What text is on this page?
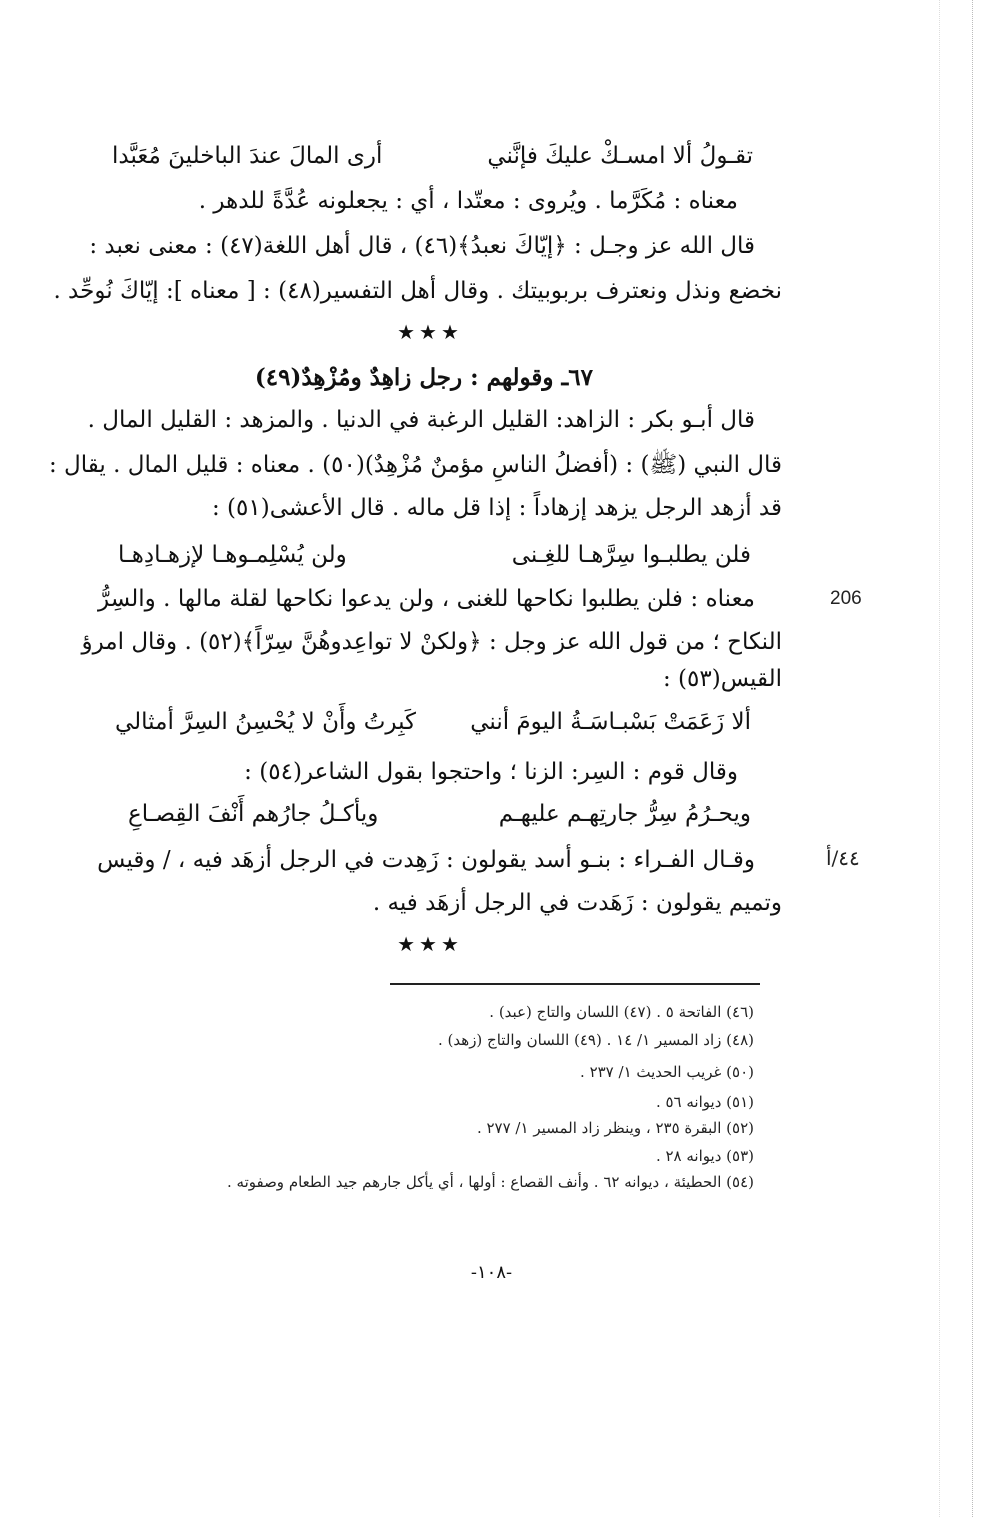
تقـولُ ألا امسـكْ عليكَ فإنَّني
أرى المالَ عندَ الباخلينَ مُعَبَّدا
معناه : مُكَرَّما . ويُروى : معتّدا ، أي : يجعلونه عُدَّةً للدهر .
قال الله عز وجـل : ﴿إيّاكَ نعبدُ﴾(٤٦) ، قال أهل اللغة(٤٧) : معنى نعبد :
نخضع ونذل ونعترف بربوبيتك . وقال أهل التفسير(٤٨) : [ معناه ]: إيّاكَ نُوحِّد .
★★★
٦٧ـ وقولهم : رجل زاهِدٌ ومُزْهِدٌ(٤٩)
قال أبـو بكر : الزاهد: القليل الرغبة في الدنيا . والمزهد : القليل المال .
قال النبي (ﷺ) : (أفضلُ الناسِ مؤمنٌ مُزْهِدٌ)(٥٠) . معناه : قليل المال . يقال :
قد أزهد الرجل يزهد إزهاداً : إذا قل ماله . قال الأعشى(٥١) :
فلن يطلبـوا سِرَّهـا للغِـنى
ولن يُسْلِمـوهـا لإزهـادِهـا
معناه : فلن يطلبوا نكاحها للغنى ، ولن يدعوا نكاحها لقلة مالها . والسِرُّ
النكاح ؛ من قول الله عز وجل : ﴿ولكنْ لا تواعِدوهُنَّ سِرّاً﴾(٥٢) . وقال امرؤ
القيس(٥٣) :
ألا زَعَمَتْ بَسْبـاسَـةُ اليومَ أنني
كَبِرتُ وأَنْ لا يُحْسِنُ السِرَّ أمثالي
وقال قوم : السِر: الزنا ؛ واحتجوا بقول الشاعر(٥٤) :
ويحـرُمُ سِرُّ جارتِهـم عليهـم
ويأكـلُ جارُهم أَنْفَ القِصـاعِ
وقـال الفـراء : بنـو أسد يقولون : زَهِدت في الرجل أزهَد فيه ، / وقيس
وتميم يقولون : زَهَدت في الرجل أزهَد فيه .
★★★
206
٤٤/أ
(٤٦) الفاتحة ٥ . (٤٧) اللسان والتاج (عبد) .
(٤٨) زاد المسير ١/ ١٤ . (٤٩) اللسان والتاج (زهد) .
(٥٠) غريب الحديث ١/ ٢٣٧ .
(٥١) ديوانه ٥٦ .
(٥٢) البقرة ٢٣٥ ، وينظر زاد المسير ١/ ٢٧٧ .
(٥٣) ديوانه ٢٨ .
(٥٤) الحطيئة ، ديوانه ٦٢ . وأنف القصاع : أولها ، أي يأكل جارهم جيد الطعام وصفوته .
-١٠٨-
